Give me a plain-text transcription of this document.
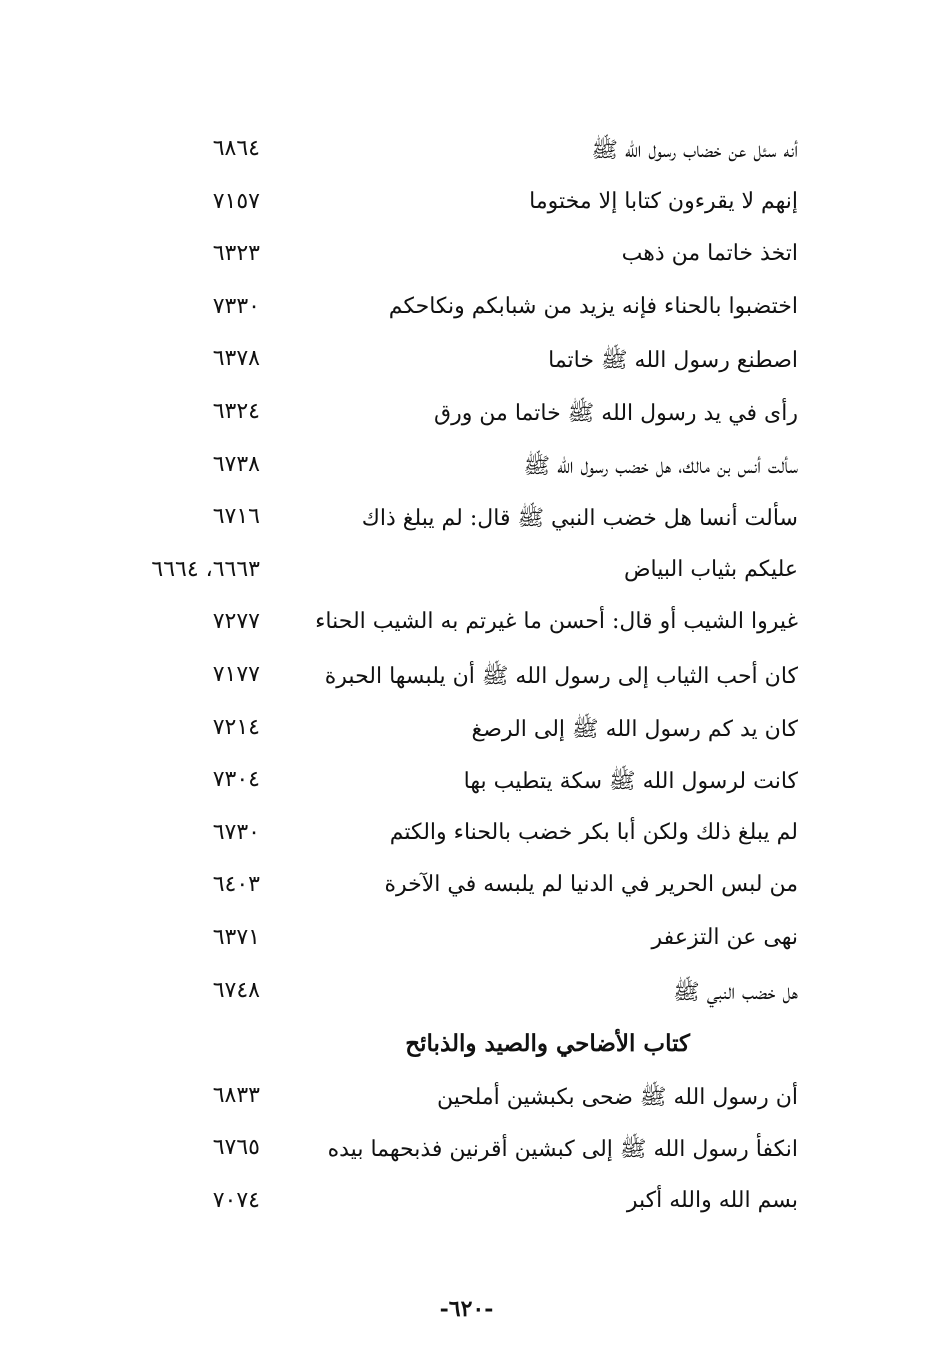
أنه سئل عن خضاب رسول الله ﷺ
٦٨٦٤
إنهم لا يقرءون كتابا إلا مختوما
٧١٥٧
اتخذ خاتما من ذهب
٦٣٢٣
اختضبوا بالحناء فإنه يزيد من شبابكم ونكاحكم
٧٣٣٠
اصطنع رسول الله ﷺ خاتما
٦٣٧٨
رأى في يد رسول الله ﷺ خاتما من ورق
٦٣٢٤
سألت أنس بن مالك، هل خضب رسول الله ﷺ
٦٧٣٨
سألت أنسا هل خضب النبي ﷺ قال: لم يبلغ ذاك
٦٧١٦
عليكم بثياب البياض
٦٦٦٣، ٦٦٦٤
غيروا الشيب أو قال: أحسن ما غيرتم به الشيب الحناء
٧٢٧٧
كان أحب الثياب إلى رسول الله ﷺ أن يلبسها الحبرة
٧١٧٧
كان يد كم رسول الله ﷺ إلى الرصغ
٧٢١٤
كانت لرسول الله ﷺ سكة يتطيب بها
٧٣٠٤
لم يبلغ ذلك ولكن أبا بكر خضب بالحناء والكتم
٦٧٣٠
من لبس الحرير في الدنيا لم يلبسه في الآخرة
٦٤٠٣
نهى عن التزعفر
٦٣٧١
هل خضب النبي ﷺ
٦٧٤٨
كتاب الأضاحي والصيد والذبائح
أن رسول الله ﷺ ضحى بكبشين أملحين
٦٨٣٣
انكفأ رسول الله ﷺ إلى كبشين أقرنين فذبحهما بيده
٦٧٦٥
بسم الله والله أكبر
٧٠٧٤
-٦٢٠-
